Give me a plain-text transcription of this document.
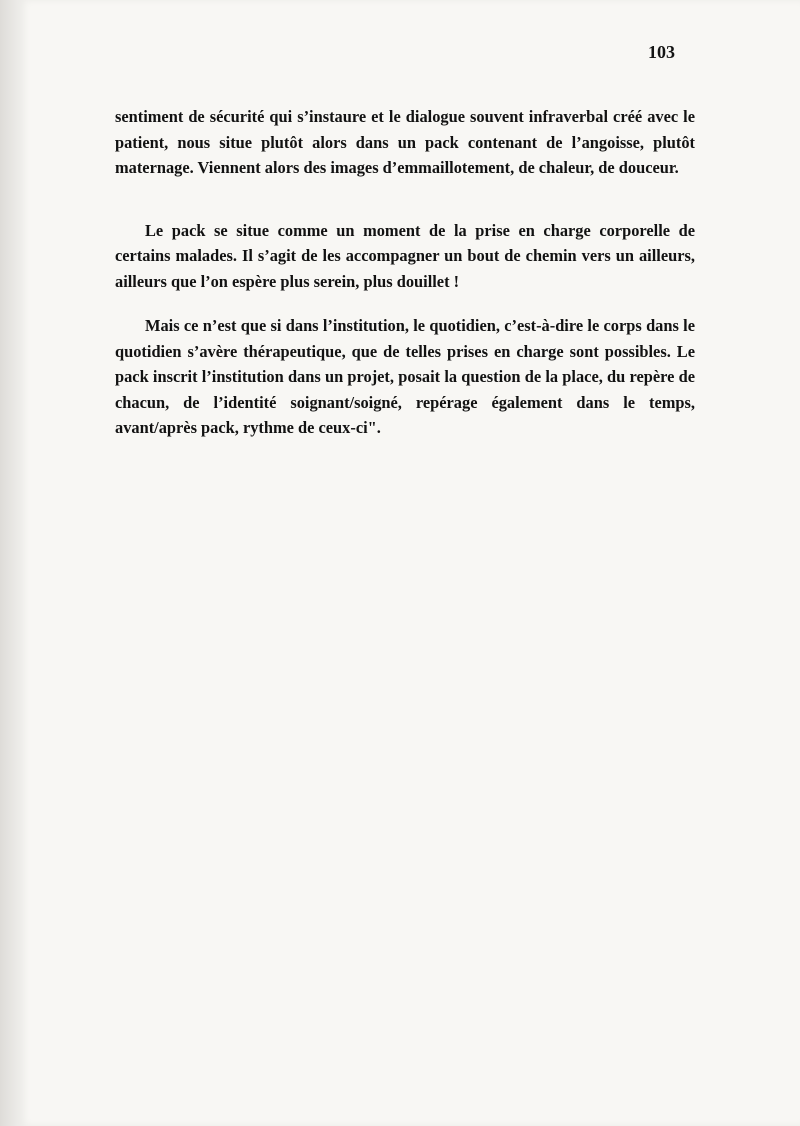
103

sentiment de sécurité qui s’instaure et le dialogue souvent infraverbal créé avec le patient, nous situe plutôt alors dans un pack contenant de l’angoisse, plutôt maternage. Viennent alors des images d’emmaillotement, de chaleur, de douceur.

Le pack se situe comme un moment de la prise en charge corporelle de certains malades. Il s’agit de les accompagner un bout de chemin vers un ailleurs, ailleurs que l’on espère plus serein, plus douillet !

Mais ce n’est que si dans l’institution, le quotidien, c’est-à-dire le corps dans le quotidien s’avère thérapeutique, que de telles prises en charge sont possibles. Le pack inscrit l’institution dans un projet, posait la question de la place, du repère de chacun, de l’identité soignant/soigné, repérage également dans le temps, avant/après pack, rythme de ceux-ci".
